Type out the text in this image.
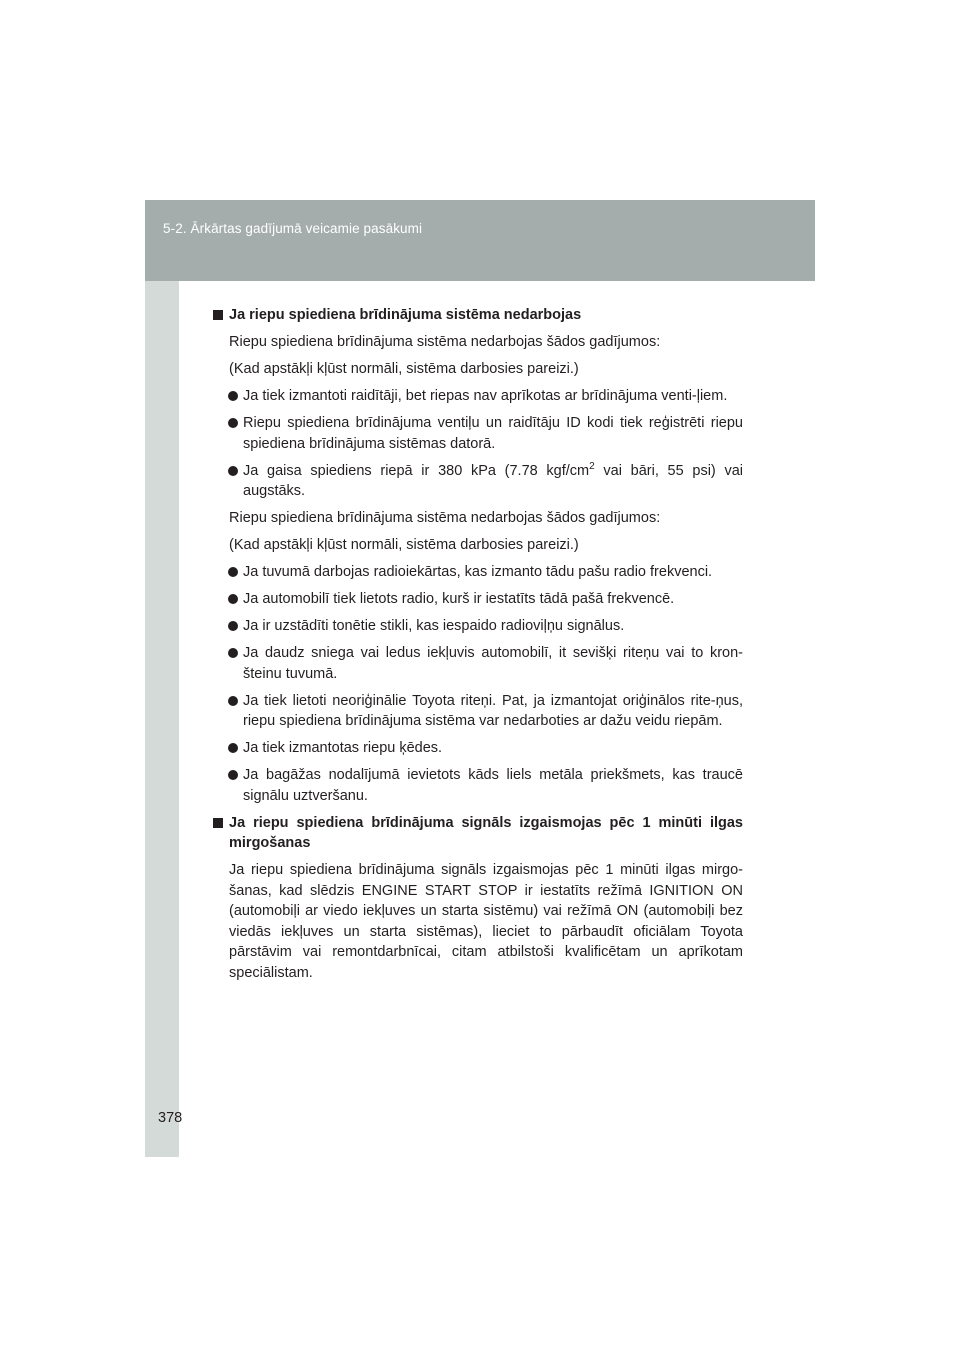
5-2. Ārkārtas gadījumā veicamie pasākumi
378
Ja riepu spiediena brīdinājuma sistēma nedarbojas
Riepu spiediena brīdinājuma sistēma nedarbojas šādos gadījumos:
(Kad apstākļi kļūst normāli, sistēma darbosies pareizi.)
Ja tiek izmantoti raidītāji, bet riepas nav aprīkotas ar brīdinājuma venti-ļiem.
Riepu spiediena brīdinājuma ventiļu un raidītāju ID kodi tiek reģistrēti riepu spiediena brīdinājuma sistēmas datorā.
Ja gaisa spiediens riepā ir 380 kPa (7.78 kgf/$cm^2$ vai bāri, 55 psi) vai augstāks.
Riepu spiediena brīdinājuma sistēma nedarbojas šādos gadījumos:
(Kad apstākļi kļūst normāli, sistēma darbosies pareizi.)
Ja tuvumā darbojas radioiekārtas, kas izmanto tādu pašu radio frekvenci.
Ja automobilī tiek lietots radio, kurš ir iestatīts tādā pašā frekvencē.
Ja ir uzstādīti tonētie stikli, kas iespaido radioviļņu signālus.
Ja daudz sniega vai ledus iekļuvis automobilī, it sevišķi riteņu vai to kron-šteinu tuvumā.
Ja tiek lietoti neoriģinālie Toyota riteņi. Pat, ja izmantojat oriģinālos rite-ņus, riepu spiediena brīdinājuma sistēma var nedarboties ar dažu veidu riepām.
Ja tiek izmantotas riepu ķēdes.
Ja bagāžas nodalījumā ievietots kāds liels metāla priekšmets, kas traucē signālu uztveršanu.
Ja riepu spiediena brīdinājuma signāls izgaismojas pēc 1 minūti ilgas mirgošanas
Ja riepu spiediena brīdinājuma signāls izgaismojas pēc 1 minūti ilgas mirgo-šanas, kad slēdzis ENGINE START STOP ir iestatīts režīmā IGNITION ON (automobiļi ar viedo iekļuves un starta sistēmu) vai režīmā ON (automobiļi bez viedās iekļuves un starta sistēmas), lieciet to pārbaudīt oficiālam Toyota pārstāvim vai remontdarbnīcai, citam atbilstoši kvalificētam un aprīkotam speciālistam.
